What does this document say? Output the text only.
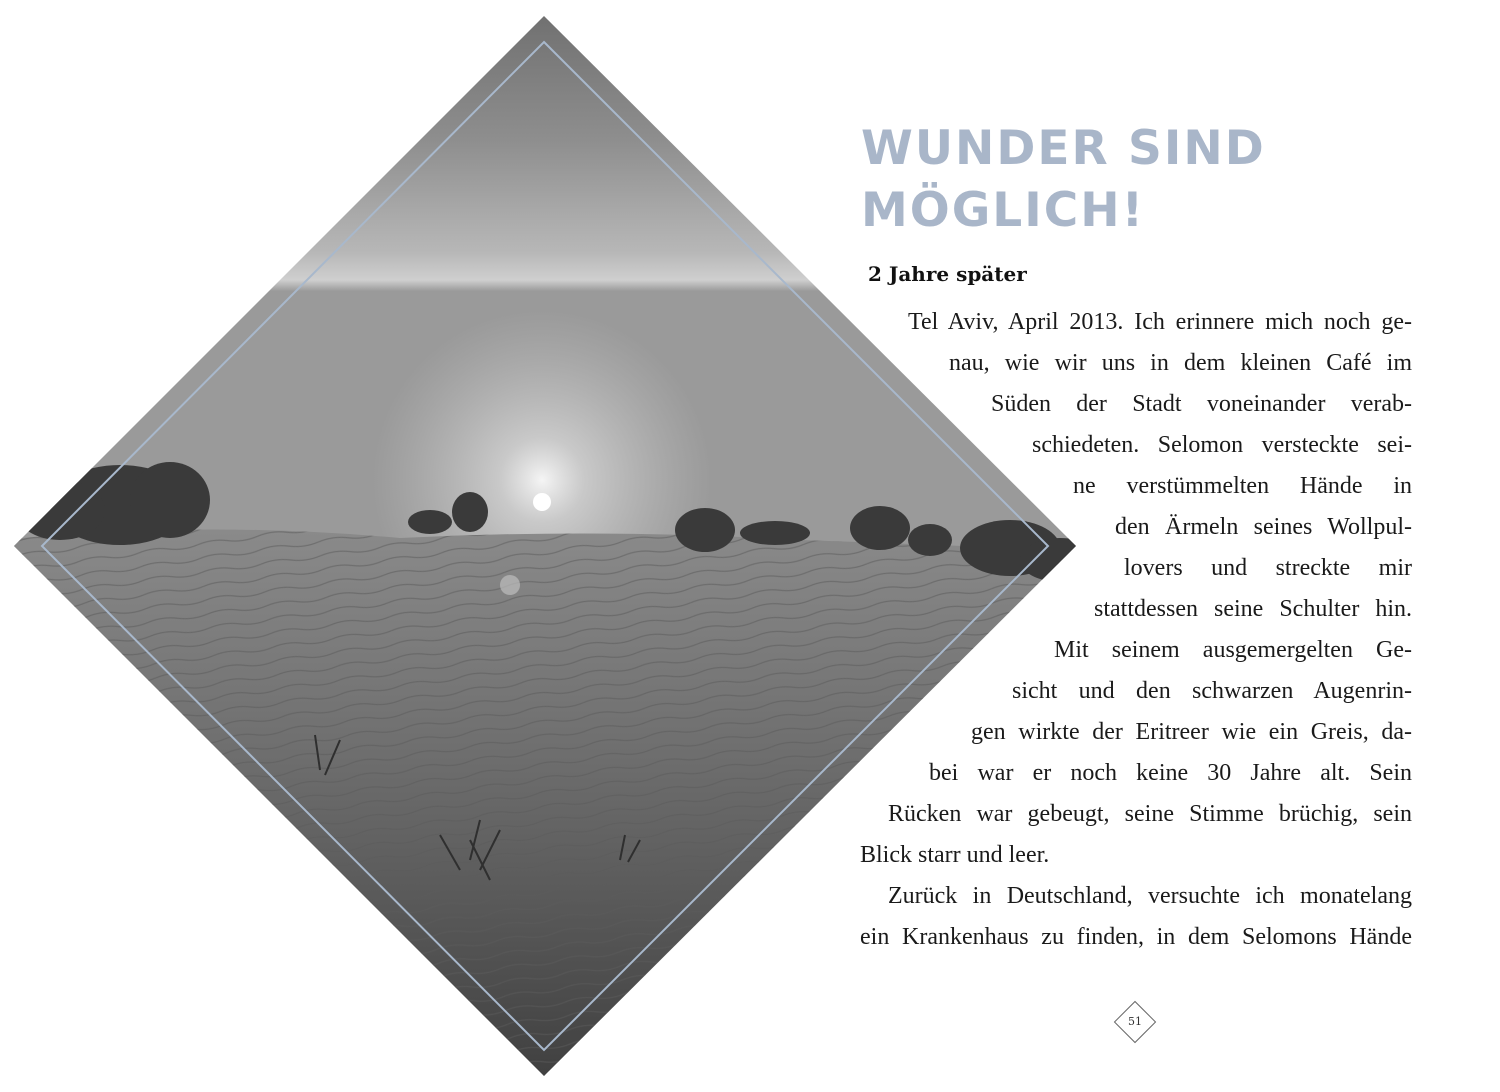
WUNDER SIND
MÖGLICH!
2 Jahre später
Tel Aviv, April 2013. Ich erinnere mich noch ge-
nau, wie wir uns in dem kleinen Café im
Süden der Stadt voneinander verab-
schiedeten. Selomon versteckte sei-
ne verstümmelten Hände in
den Ärmeln seines Wollpul-
lovers und streckte mir
stattdessen seine Schulter hin.
Mit seinem ausgemergelten Ge-
sicht und den schwarzen Augenrin-
gen wirkte der Eritreer wie ein Greis, da-
bei war er noch keine 30 Jahre alt. Sein
Rücken war gebeugt, seine Stimme brüchig, sein
Blick starr und leer.
Zurück in Deutschland, versuchte ich monatelang
ein Krankenhaus zu finden, in dem Selomons Hände
51
